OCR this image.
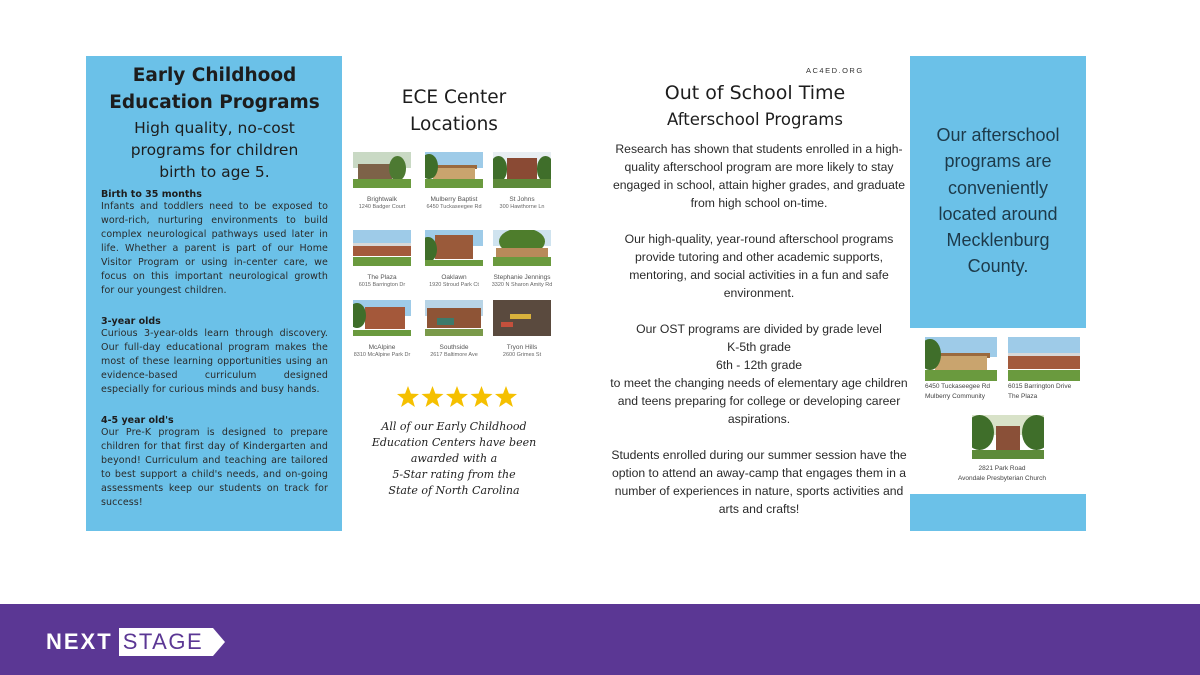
Early Childhood
Education Programs
High quality, no-cost programs for children birth to age 5.
Birth to 35 months

Infants and toddlers need to be exposed to word-rich, nurturing environments to build complex neurological pathways used later in life. Whether a parent is part of our Home Visitor Program or using in-center care, we focus on this important neurological growth for our youngest children.

3-year olds

Curious 3-year-olds learn through discovery. Our full-day educational program makes the most of these learning opportunities using an evidence-based curriculum designed especially for curious minds and busy hands.

4-5 year old's

Our Pre-K program is designed to prepare children for that first day of Kindergarten and beyond! Curriculum and teaching are tailored to best support a child's needs, and on-going assessments keep our students on track for success!

ECE Center
Locations
Brightwalk
1240 Badger Court
Mulberry Baptist
6450 Tuckaseegee Rd
St Johns
300 Hawthorne Ln
The Plaza
6015 Barrington Dr
Oaklawn
1920 Stroud Park Ct
Stephanie Jennings
3320 N Sharon Amity Rd
McAlpine
8310 McAlpine Park Dr
Southside
2617 Baltimore Ave
Tryon Hills
2600 Grimes St
All of our Early Childhood
Education Centers have been
awarded with a
5-Star rating from the
State of North Carolina
AC4ED.ORG
Out of School Time
Afterschool Programs
Research has shown that students enrolled in a high-quality afterschool program are more likely to stay engaged in school, attain higher grades, and graduate from high school on-time.
Our high-quality, year-round afterschool programs provide tutoring and other academic supports, mentoring, and social activities in a fun and safe environment.
Our OST programs are divided by grade level
K-5th grade
6th - 12th grade
to meet the changing needs of elementary age children and teens preparing for college or developing career aspirations.
Students enrolled during our summer session have the option to attend an away-camp that engages them in a number of experiences in nature, sports activities and arts and crafts!
Our afterschool programs are conveniently located around Mecklenburg County.
6450 Tuckaseegee Rd
Mulberry Community
6015 Barrington Drive
The Plaza
2821 Park Road
Avondale Presbyterian Church
NEXT STAGE
